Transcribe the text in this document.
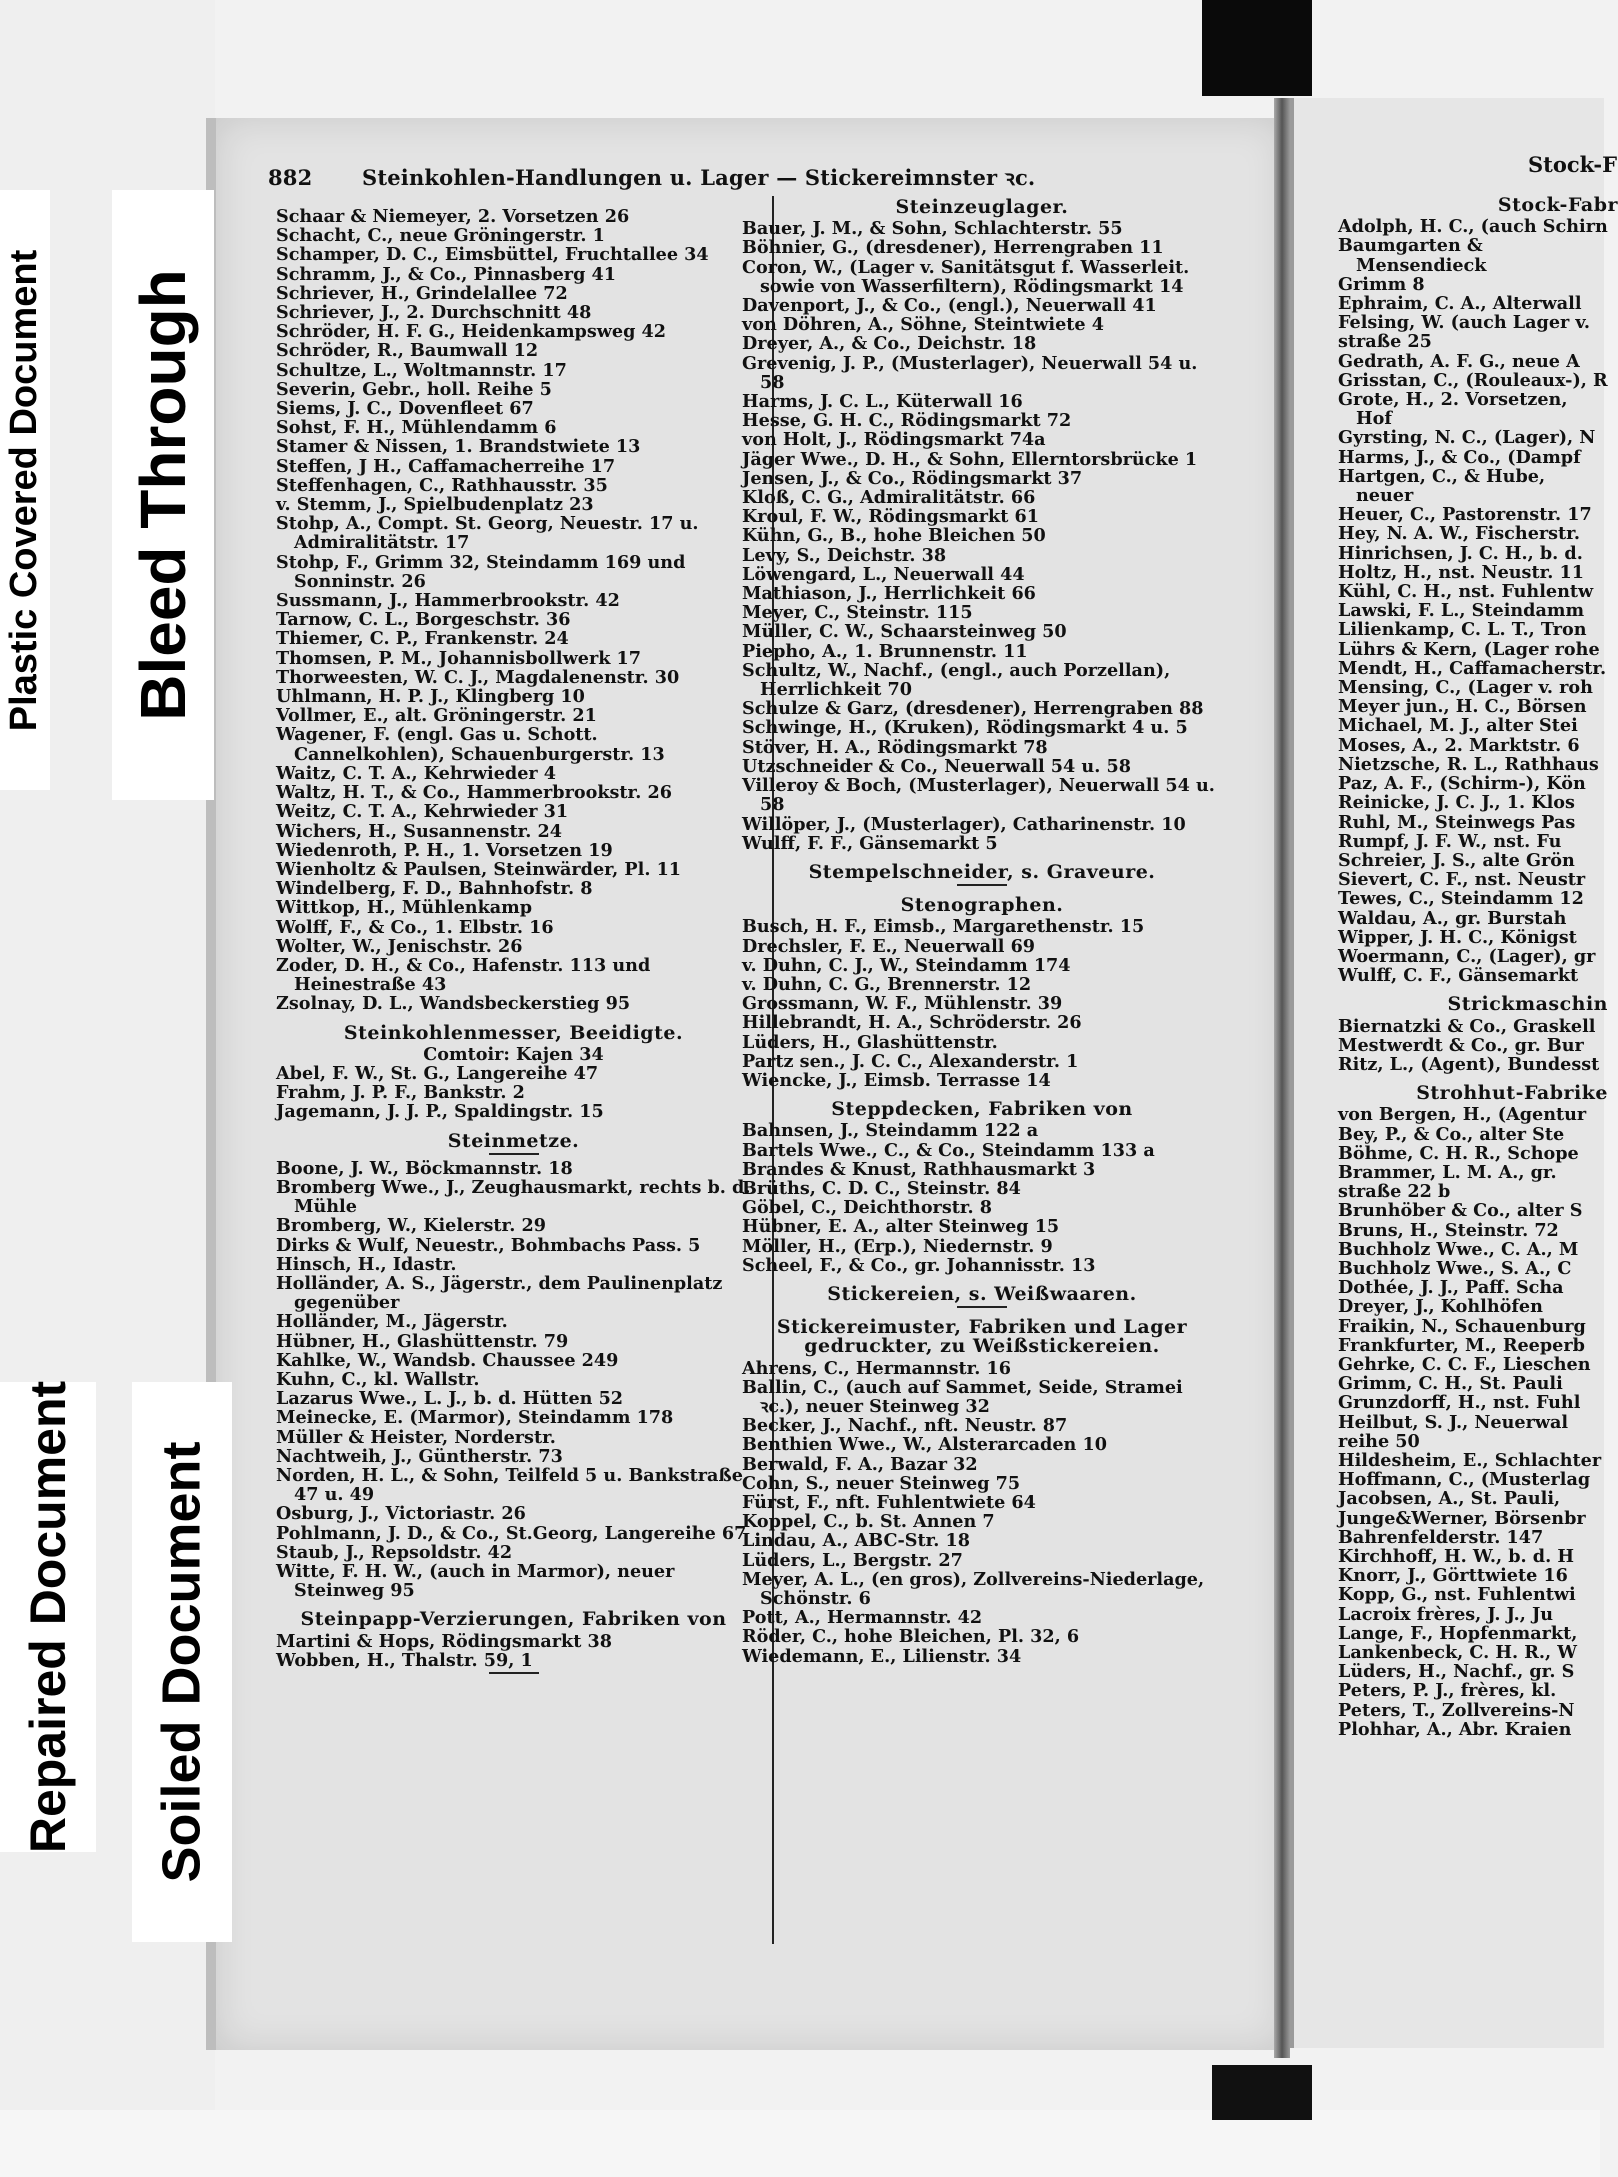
Plastic Covered Document Bleed Through
Repaired Document Soiled Document
882 Steinkohlen-Handlungen u. Lager — Stickereimnster ꝛc.
Stock-F

Schaar & Niemeyer, 2. Vorsetzen 26

Schacht, C., neue Gröningerstr. 1

Schamper, D. C., Eimsbüttel, Fruchtallee 34

Schramm, J., & Co., Pinnasberg 41

Schriever, H., Grindelallee 72

Schriever, J., 2. Durchschnitt 48

Schröder, H. F. G., Heidenkampsweg 42

Schröder, R., Baumwall 12

Schultze, L., Woltmannstr. 17

Severin, Gebr., holl. Reihe 5

Siems, J. C., Dovenfleet 67

Sohst, F. H., Mühlendamm 6

Stamer & Nissen, 1. Brandstwiete 13

Steffen, J H., Caffamacherreihe 17

Steffenhagen, C., Rathhausstr. 35

v. Stemm, J., Spielbudenplatz 23

Stohp, A., Compt. St. Georg, Neuestr. 17 u. Admiralitätstr. 17

Stohp, F., Grimm 32, Steindamm 169 und Sonninstr. 26

Sussmann, J., Hammerbrookstr. 42

Tarnow, C. L., Borgeschstr. 36

Thiemer, C. P., Frankenstr. 24

Thomsen, P. M., Johannisbollwerk 17

Thorweesten, W. C. J., Magdalenenstr. 30

Uhlmann, H. P. J., Klingberg 10

Vollmer, E., alt. Gröningerstr. 21

Wagener, F. (engl. Gas u. Schott. Cannelkohlen), Schauenburgerstr. 13

Waitz, C. T. A., Kehrwieder 4

Waltz, H. T., & Co., Hammerbrookstr. 26

Weitz, C. T. A., Kehrwieder 31

Wichers, H., Susannenstr. 24

Wiedenroth, P. H., 1. Vorsetzen 19

Wienholtz & Paulsen, Steinwärder, Pl. 11

Windelberg, F. D., Bahnhofstr. 8

Wittkop, H., Mühlenkamp

Wolff, F., & Co., 1. Elbstr. 16

Wolter, W., Jenischstr. 26

Zoder, D. H., & Co., Hafenstr. 113 und Heinestraße 43

Zsolnay, D. L., Wandsbeckerstieg 95

Steinkohlenmesser, Beeidigte.
Comtoir: Kajen 34

Abel, F. W., St. G., Langereihe 47

Frahm, J. P. F., Bankstr. 2

Jagemann, J. J. P., Spaldingstr. 15

Steinmetze.

Boone, J. W., Böckmannstr. 18

Bromberg Wwe., J., Zeughausmarkt, rechts b. d. Mühle

Bromberg, W., Kielerstr. 29

Dirks & Wulf, Neuestr., Bohmbachs Pass. 5

Hinsch, H., Idastr.

Holländer, A. S., Jägerstr., dem Paulinenplatz gegenüber

Holländer, M., Jägerstr.

Hübner, H., Glashüttenstr. 79

Kahlke, W., Wandsb. Chaussee 249

Kuhn, C., kl. Wallstr.

Lazarus Wwe., L. J., b. d. Hütten 52

Meinecke, E. (Marmor), Steindamm 178

Müller & Heister, Norderstr.

Nachtweih, J., Güntherstr. 73

Norden, H. L., & Sohn, Teilfeld 5 u. Bankstraße 47 u. 49

Osburg, J., Victoriastr. 26

Pohlmann, J. D., & Co., St.Georg, Langereihe 67

Staub, J., Repsoldstr. 42

Witte, F. H. W., (auch in Marmor), neuer Steinweg 95

Steinpapp-Verzierungen, Fabriken von

Martini & Hops, Rödingsmarkt 38

Wobben, H., Thalstr. 59, 1

Steinzeuglager.

Bauer, J. M., & Sohn, Schlachterstr. 55

Böhnier, G., (dresdener), Herrengraben 11

Coron, W., (Lager v. Sanitätsgut f. Wasserleit. sowie von Wasserfiltern), Rödingsmarkt 14

Davenport, J., & Co., (engl.), Neuerwall 41

von Döhren, A., Söhne, Steintwiete 4

Dreyer, A., & Co., Deichstr. 18

Grevenig, J. P., (Musterlager), Neuerwall 54 u. 58

Harms, J. C. L., Küterwall 16

Hesse, G. H. C., Rödingsmarkt 72

von Holt, J., Rödingsmarkt 74a

Jäger Wwe., D. H., & Sohn, Ellerntorsbrücke 1

Jensen, J., & Co., Rödingsmarkt 37

Kloß, C. G., Admiralitätstr. 66

Kroul, F. W., Rödingsmarkt 61

Kühn, G., B., hohe Bleichen 50

Levy, S., Deichstr. 38

Löwengard, L., Neuerwall 44

Mathiason, J., Herrlichkeit 66

Meyer, C., Steinstr. 115

Müller, C. W., Schaarsteinweg 50

Piepho, A., 1. Brunnenstr. 11

Schultz, W., Nachf., (engl., auch Porzellan), Herrlichkeit 70

Schulze & Garz, (dresdener), Herrengraben 88

Schwinge, H., (Kruken), Rödingsmarkt 4 u. 5

Stöver, H. A., Rödingsmarkt 78

Utzschneider & Co., Neuerwall 54 u. 58

Villeroy & Boch, (Musterlager), Neuerwall 54 u. 58

Willöper, J., (Musterlager), Catharinenstr. 10

Wulff, F. F., Gänsemarkt 5

Stempelschneider, s. Graveure.
Stenographen.

Busch, H. F., Eimsb., Margarethenstr. 15

Drechsler, F. E., Neuerwall 69

v. Duhn, C. J., W., Steindamm 174

v. Duhn, C. G., Brennerstr. 12

Grossmann, W. F., Mühlenstr. 39

Hillebrandt, H. A., Schröderstr. 26

Lüders, H., Glashüttenstr.

Partz sen., J. C. C., Alexanderstr. 1

Wiencke, J., Eimsb. Terrasse 14

Steppdecken, Fabriken von

Bahnsen, J., Steindamm 122 a

Bartels Wwe., C., & Co., Steindamm 133 a

Brandes & Knust, Rathhausmarkt 3

Brüths, C. D. C., Steinstr. 84

Göbel, C., Deichthorstr. 8

Hübner, E. A., alter Steinweg 15

Möller, H., (Erp.), Niedernstr. 9

Scheel, F., & Co., gr. Johannisstr. 13

Stickereien, s. Weißwaaren.
Stickereimuster, Fabriken und Lager gedruckter, zu Weißstickereien.

Ahrens, C., Hermannstr. 16

Ballin, C., (auch auf Sammet, Seide, Stramei ꝛc.), neuer Steinweg 32

Becker, J., Nachf., nft. Neustr. 87

Benthien Wwe., W., Alsterarcaden 10

Berwald, F. A., Bazar 32

Cohn, S., neuer Steinweg 75

Fürst, F., nft. Fuhlentwiete 64

Koppel, C., b. St. Annen 7

Lindau, A., ABC-Str. 18

Lüders, L., Bergstr. 27

Meyer, A. L., (en gros), Zollvereins-Niederlage, Schönstr. 6

Pott, A., Hermannstr. 42

Röder, C., hohe Bleichen, Pl. 32, 6

Wiedemann, E., Lilienstr. 34

Stock-Fabr

Adolph, H. C., (auch Schirn

Baumgarten & Mensendieck

Grimm 8

Ephraim, C. A., Alterwall

Felsing, W. (auch Lager v.

straße 25

Gedrath, A. F. G., neue A

Grisstan, C., (Rouleaux-), R

Grote, H., 2. Vorsetzen, Hof

Gyrsting, N. C., (Lager), N

Harms, J., & Co., (Dampf

Hartgen, C., & Hube, neuer

Heuer, C., Pastorenstr. 17

Hey, N. A. W., Fischerstr.

Hinrichsen, J. C. H., b. d.

Holtz, H., nst. Neustr. 11

Kühl, C. H., nst. Fuhlentw

Lawski, F. L., Steindamm

Lilienkamp, C. L. T., Tron

Lührs & Kern, (Lager rohe

Mendt, H., Caffamacherstr.

Mensing, C., (Lager v. roh

Meyer jun., H. C., Börsen

Michael, M. J., alter Stei

Moses, A., 2. Marktstr. 6

Nietzsche, R. L., Rathhaus

Paz, A. F., (Schirm-), Kön

Reinicke, J. C. J., 1. Klos

Ruhl, M., Steinwegs Pas

Rumpf, J. F. W., nst. Fu

Schreier, J. S., alte Grön

Sievert, C. F., nst. Neustr

Tewes, C., Steindamm 12

Waldau, A., gr. Burstah

Wipper, J. H. C., Königst

Woermann, C., (Lager), gr

Wulff, C. F., Gänsemarkt

Strickmaschin

Biernatzki & Co., Graskell

Mestwerdt & Co., gr. Bur

Ritz, L., (Agent), Bundesst

Strohhut-Fabrike

von Bergen, H., (Agentur

Bey, P., & Co., alter Ste

Böhme, C. H. R., Schope

Brammer, L. M. A., gr.

straße 22 b

Brunhöber & Co., alter S

Bruns, H., Steinstr. 72

Buchholz Wwe., C. A., M

Buchholz Wwe., S. A., C

Dothée, J. J., Paff. Scha

Dreyer, J., Kohlhöfen

Fraikin, N., Schauenburg

Frankfurter, M., Reeperb

Gehrke, C. C. F., Lieschen

Grimm, C. H., St. Pauli

Grunzdorff, H., nst. Fuhl

Heilbut, S. J., Neuerwal

reihe 50

Hildesheim, E., Schlachter

Hoffmann, C., (Musterlag

Jacobsen, A., St. Pauli,

Junge&Werner, Börsenbr

Bahrenfelderstr. 147

Kirchhoff, H. W., b. d. H

Knorr, J., Görttwiete 16

Kopp, G., nst. Fuhlentwi

Lacroix frères, J. J., Ju

Lange, F., Hopfenmarkt,

Lankenbeck, C. H. R., W

Lüders, H., Nachf., gr. S

Peters, P. J., frères, kl.

Peters, T., Zollvereins-N

Plohhar, A., Abr. Kraien
